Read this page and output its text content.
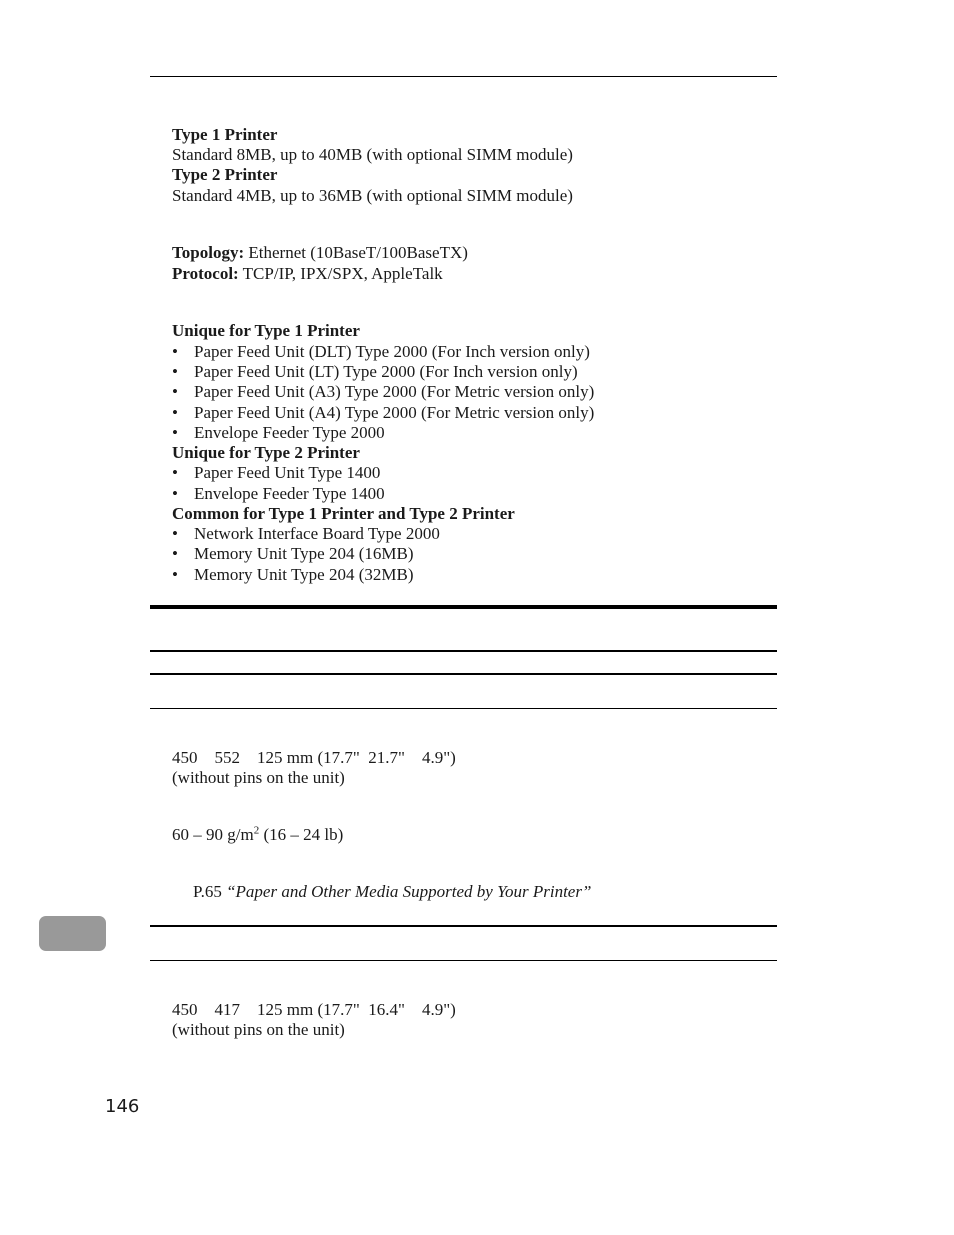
Type 1 Printer
Standard 8MB, up to 40MB (with optional SIMM module)
Type 2 Printer
Standard 4MB, up to 36MB (with optional SIMM module)
Topology: Ethernet (10BaseT/100BaseTX)
Protocol: TCP/IP, IPX/SPX, AppleTalk
Unique for Type 1 Printer
• Paper Feed Unit (DLT) Type 2000 (For Inch version only)
• Paper Feed Unit (LT) Type 2000 (For Inch version only)
• Paper Feed Unit (A3) Type 2000 (For Metric version only)
• Paper Feed Unit (A4) Type 2000 (For Metric version only)
• Envelope Feeder Type 2000
Unique for Type 2 Printer
• Paper Feed Unit Type 1400
• Envelope Feeder Type 1400
Common for Type 1 Printer and Type 2 Printer
• Network Interface Board Type 2000
• Memory Unit Type 204 (16MB)
• Memory Unit Type 204 (32MB)
450    552    125 mm (17.7"  21.7"    4.9")
(without pins on the unit)
60 – 90 $g/m^2$ (16 – 24 lb)
P.65 “Paper and Other Media Supported by Your Printer”
450    417    125 mm (17.7"  16.4"    4.9")
(without pins on the unit)
146
